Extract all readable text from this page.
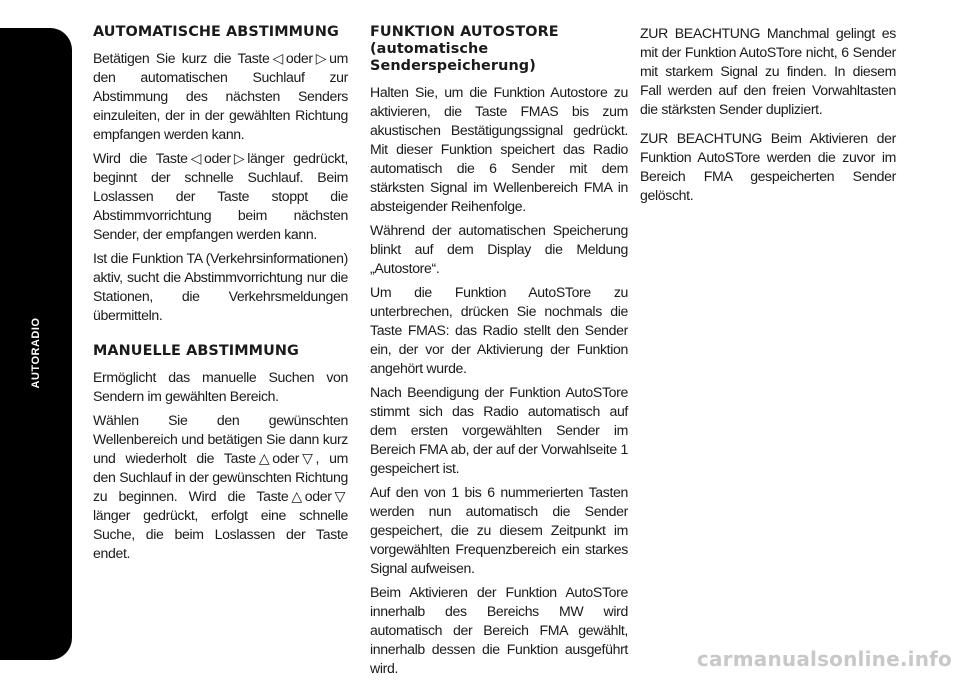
AUTORADIO
270
AUTOMATISCHE ABSTIMMUNG

Betätigen Sie kurz die Taste ◁ oder ▷ um den automatischen Suchlauf zur Abstimmung des nächsten Senders einzuleiten, der in der gewählten Richtung empfangen werden kann.

Wird die Taste ◁ oder ▷ länger gedrückt, beginnt der schnelle Suchlauf. Beim Loslassen der Taste stoppt die Abstimmvorrichtung beim nächsten Sender, der empfangen werden kann.

Ist die Funktion TA (Verkehrsinformationen) aktiv, sucht die Abstimmvorrichtung nur die Stationen, die Verkehrsmeldungen übermitteln.

MANUELLE ABSTIMMUNG

Ermöglicht das manuelle Suchen von Sendern im gewählten Bereich.

Wählen Sie den gewünschten Wellenbereich und betätigen Sie dann kurz und wiederholt die Taste △ oder ▽ , um den Suchlauf in der gewünschten Richtung zu beginnen. Wird die Taste △ oder ▽länger gedrückt, erfolgt eine schnelle Suche, die beim Loslassen der Taste endet.

FUNKTION AUTOSTORE (automatische Senderspeicherung)

Halten Sie, um die Funktion Autostore zu aktivieren, die Taste FMAS bis zum akustischen Bestätigungssignal gedrückt. Mit dieser Funktion speichert das Radio automatisch die 6 Sender mit dem stärksten Signal im Wellenbereich FMA in absteigender Reihenfolge.

Während der automatischen Speicherung blinkt auf dem Display die Meldung „Autostore“.

Um die Funktion AutoSTore zu unterbrechen, drücken Sie nochmals die Taste FMAS: das Radio stellt den Sender ein, der vor der Aktivierung der Funktion angehört wurde.

Nach Beendigung der Funktion AutoSTore stimmt sich das Radio automatisch auf dem ersten vorgewählten Sender im Bereich FMA ab, der auf der Vorwahlseite 1 gespeichert ist.

Auf den von 1 bis 6 nummerierten Tasten werden nun automatisch die Sender gespeichert, die zu diesem Zeitpunkt im vorgewählten Frequenzbereich ein starkes Signal aufweisen.

Beim Aktivieren der Funktion AutoSTore innerhalb des Bereichs MW wird automatisch der Bereich FMA gewählt, innerhalb dessen die Funktion ausgeführt wird.

ZUR BEACHTUNG Manchmal gelingt es mit der Funktion AutoSTore nicht, 6 Sender mit starkem Signal zu finden. In diesem Fall werden auf den freien Vorwahltasten die stärksten Sender dupliziert.

ZUR BEACHTUNG Beim Aktivieren der Funktion AutoSTore werden die zuvor im Bereich FMA gespeicherten Sender gelöscht.

carmanualsonline.info
